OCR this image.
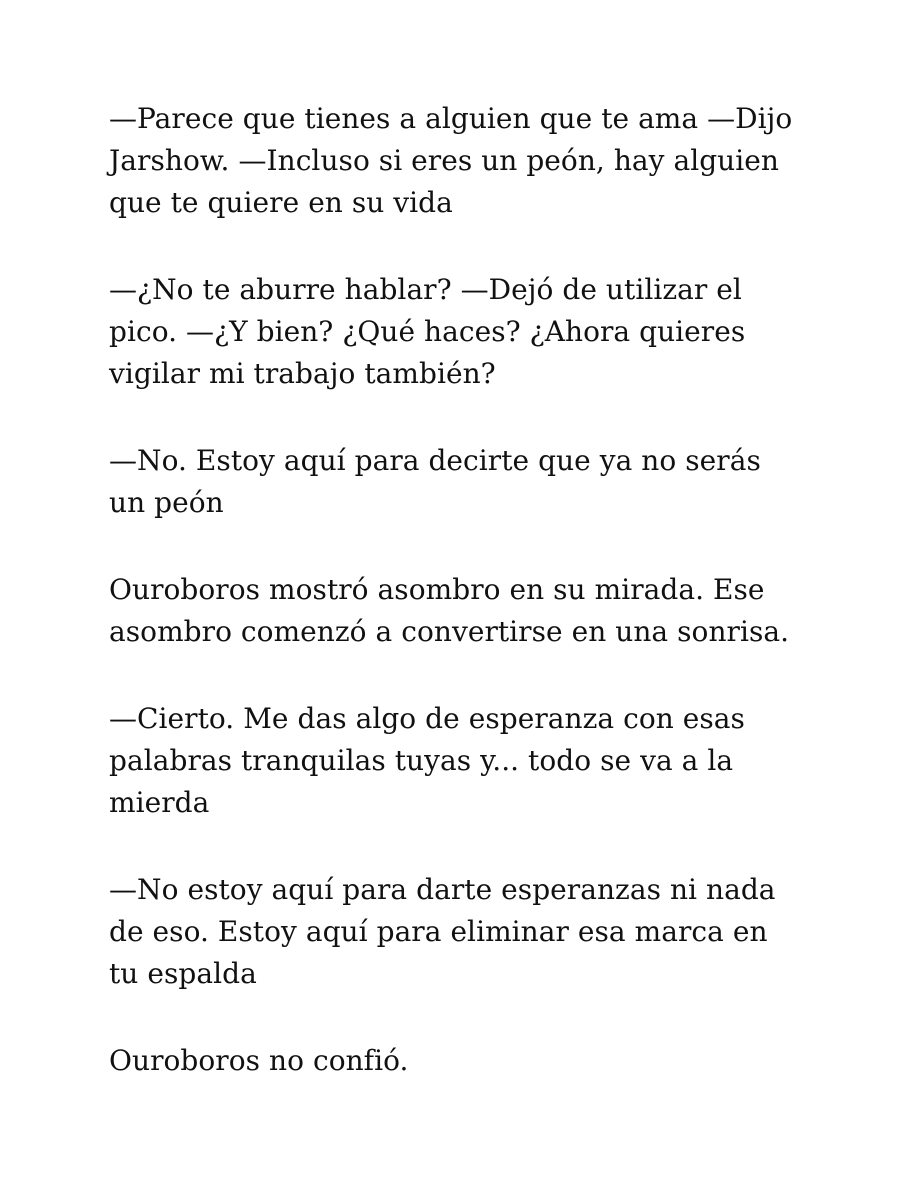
—Parece que tienes a alguien que te ama —Dijo Jarshow. —Incluso si eres un peón, hay alguien que te quiere en su vida

—¿No te aburre hablar? —Dejó de utilizar el pico. —¿Y bien? ¿Qué haces? ¿Ahora quieres vigilar mi trabajo también?

—No. Estoy aquí para decirte que ya no serás un peón

Ouroboros mostró asombro en su mirada. Ese asombro comenzó a convertirse en una sonrisa.

—Cierto. Me das algo de esperanza con esas palabras tranquilas tuyas y... todo se va a la mierda

—No estoy aquí para darte esperanzas ni nada de eso. Estoy aquí para eliminar esa marca en tu espalda

Ouroboros no confió.
